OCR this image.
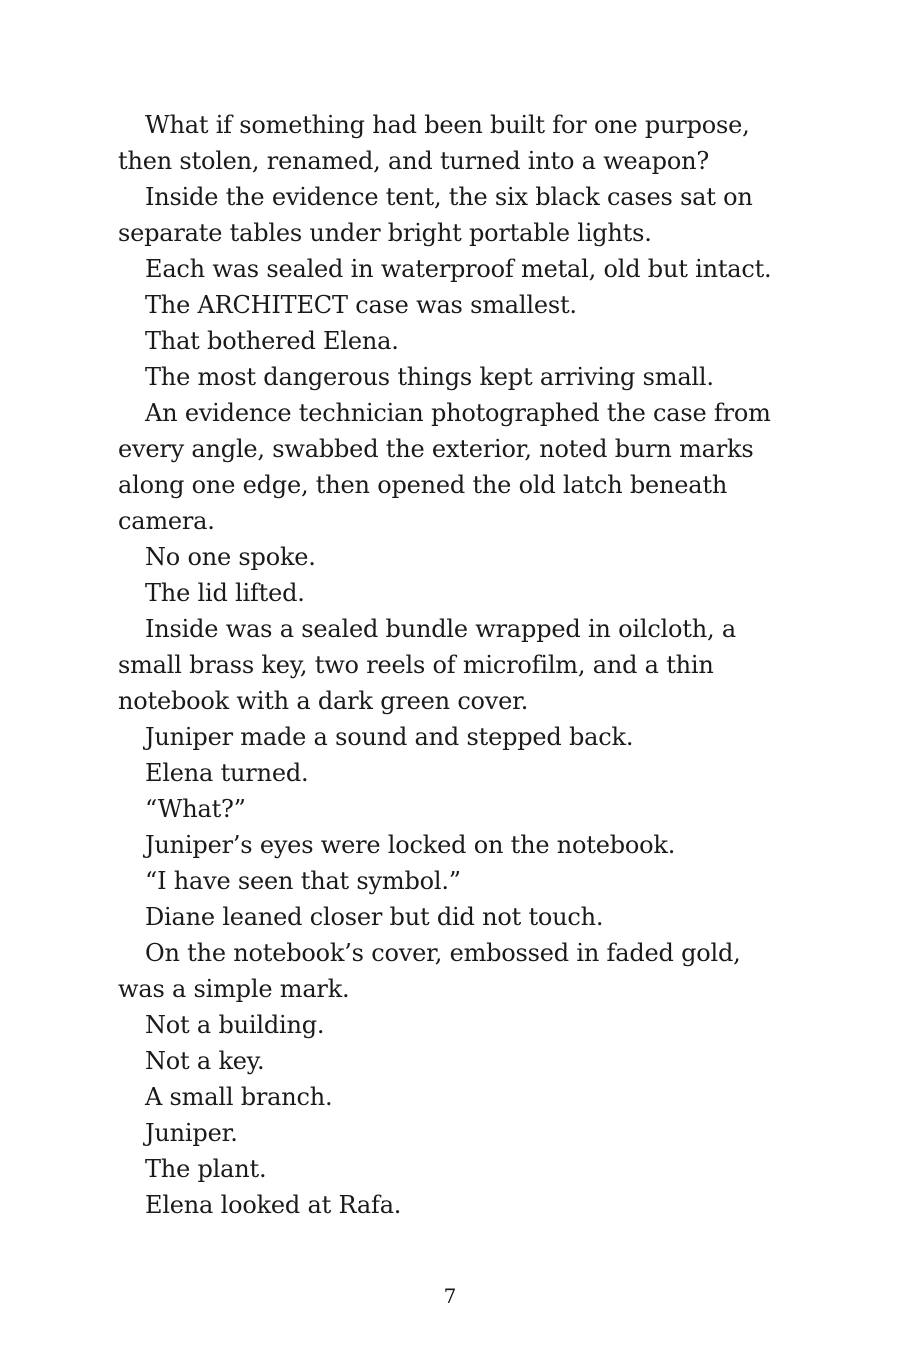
What if something had been built for one purpose, then stolen, renamed, and turned into a weapon?

Inside the evidence tent, the six black cases sat on separate tables under bright portable lights.

Each was sealed in waterproof metal, old but intact.

The ARCHITECT case was smallest.

That bothered Elena.

The most dangerous things kept arriving small.

An evidence technician photographed the case from every angle, swabbed the exterior, noted burn marks along one edge, then opened the old latch beneath camera.

No one spoke.

The lid lifted.

Inside was a sealed bundle wrapped in oilcloth, a small brass key, two reels of microfilm, and a thin notebook with a dark green cover.

Juniper made a sound and stepped back.

Elena turned.

“What?”

Juniper’s eyes were locked on the notebook.

“I have seen that symbol.”

Diane leaned closer but did not touch.

On the notebook’s cover, embossed in faded gold, was a simple mark.

Not a building.

Not a key.

A small branch.

Juniper.

The plant.

Elena looked at Rafa.

7
